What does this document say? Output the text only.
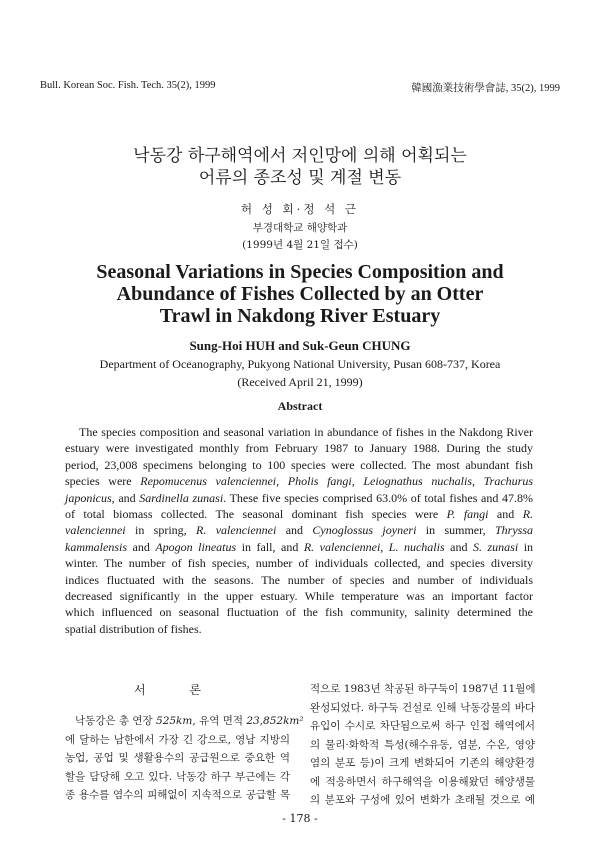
Bull. Korean Soc. Fish. Tech. 35(2), 1999	韓國漁業技術學會誌, 35(2), 1999
낙동강 하구해역에서 저인망에 의해 어획되는
어류의 종조성 및 계절 변동
허 성 회·정 석 근
부경대학교 해양학과
(1999년 4월 21일 접수)
Seasonal Variations in Species Composition and
Abundance of Fishes Collected by an Otter
Trawl in Nakdong River Estuary
Sung-Hoi HUH and Suk-Geun CHUNG
Department of Oceanography, Pukyong National University, Pusan 608-737, Korea
(Received April 21, 1999)
Abstract
The species composition and seasonal variation in abundance of fishes in the Nakdong River
estuary were investigated monthly from February 1987 to January 1988. During the study
period, 23,008 specimens belonging to 100 species were collected. The most abundant fish
species were Repomucenus valenciennei, Pholis fangi, Leiognathus nuchalis, Trachurus
japonicus, and Sardinella zunasi. These five species comprised 63.0% of total fishes and 47.8%
of total biomass collected. The seasonal dominant fish species were P. fangi and R.
valenciennei in spring, R. valenciennei and Cynoglossus joyneri in summer, Thryssa
kammalensis and Apogon lineatus in fall, and R. valenciennei, L. nuchalis and S. zunasi in
winter. The number of fish species, number of individuals collected, and species diversity
indices fluctuated with the seasons. The number of species and number of individuals
decreased significantly in the upper estuary. While temperature was an important factor
which influenced on seasonal fluctuation of the fish community, salinity determined the
spatial distribution of fishes.
서 론
낙동강은 총 연장 525km, 유역 면적 23,852km²
에 달하는 남한에서 가장 긴 강으로, 영남 지방의
농업, 공업 및 생활용수의 공급원으로 중요한 역
할을 담당해 오고 있다. 낙동강 하구 부근에는 각
종 용수를 염수의 피해없이 지속적으로 공급할 목
적으로 1983년 착공된 하구둑이 1987년 11월에
완성되었다. 하구둑 건설로 인해 낙동강물의 바다
유입이 수시로 차단됨으로써 하구 인접 해역에서
의 물리·화학적 특성(해수유동, 염분, 수온, 영양
염의 분포 등)이 크게 변화되어 기존의 해양환경
에 적응하면서 하구해역을 이용해왔던 해양생물
의 분포와 구성에 있어 변화가 초래될 것으로 예
- 178 -
